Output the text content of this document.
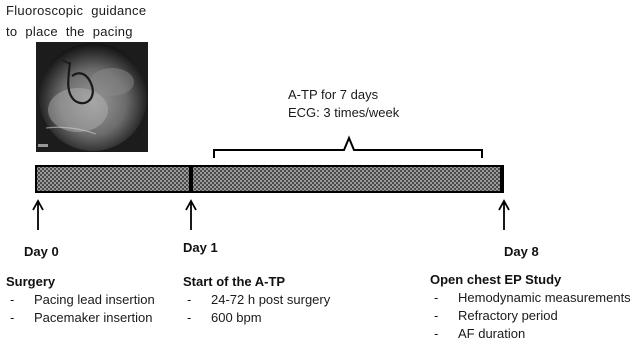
Fluoroscopic guidance
to place the pacing
A-TP for 7 days
ECG: 3 times/week
Day 0	Day 1	Day 8
Surgery
- Pacing lead insertion
- Pacemaker insertion
Start of the A-TP
- 24-72 h post surgery
- 600 bpm
Open chest EP Study
- Hemodynamic measurements
- Refractory period
- AF duration
